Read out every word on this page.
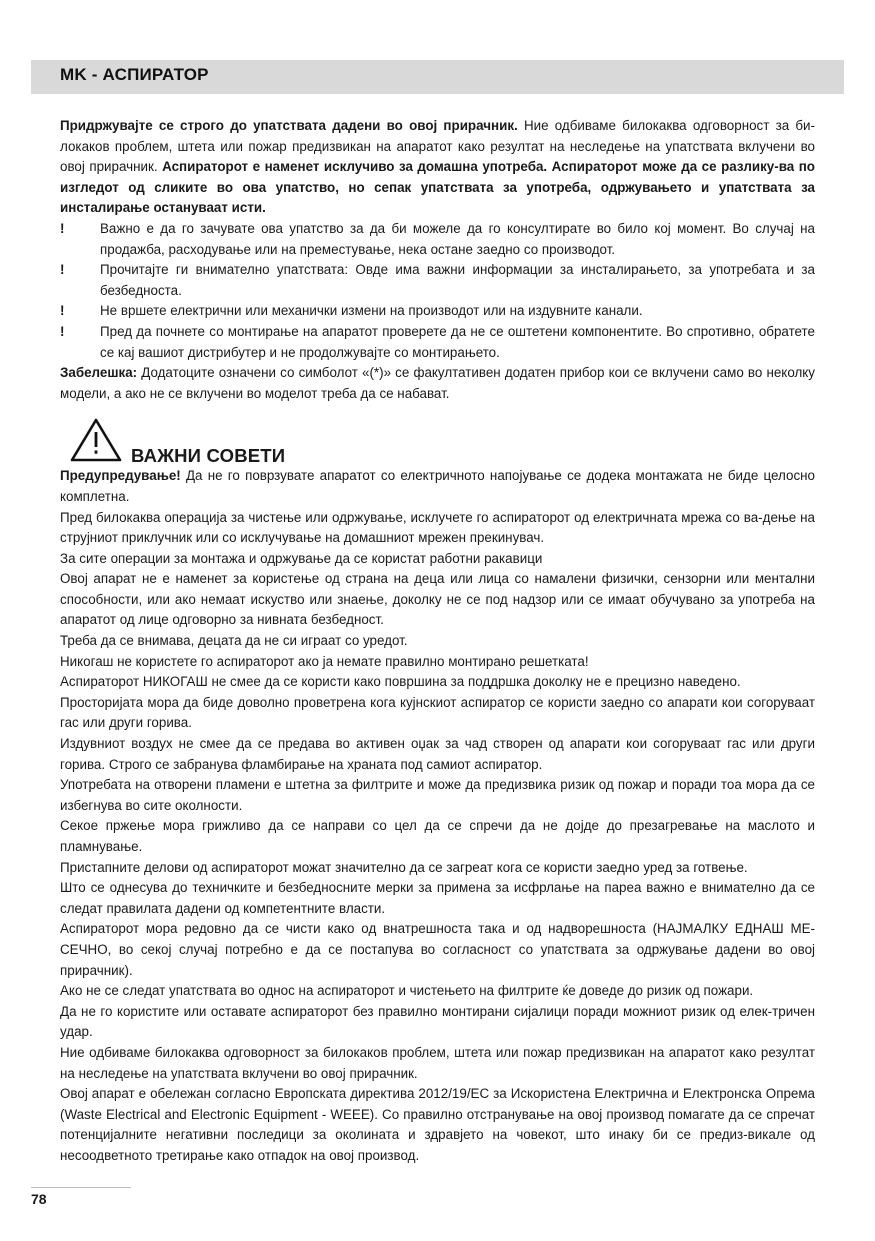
MK - АСПИРАТОР

Придржувајте се строго до упатствата дадени во овој прирачник. Ние одбиваме билокаква одговорност за би-локаков проблем, штета или пожар предизвикан на апаратот како резултат на неследење на упатствата вклучени во овој прирачник. Аспираторот е наменет исклучиво за домашна употреба. Аспираторот може да се разлику-ва по изгледот од сликите во ова упатство, но сепак упатствата за употреба, одржувањето и упатствата за инсталирање остануваат исти.

!	Важно е да го зачувате ова упатство за да би можеле да го консултирате во било кој момент. Во случај на продажба, расходување или на преместување, нека остане заедно со производот.
!	Прочитајте ги внимателно упатствата: Овде има важни информации за инсталирањето, за употребата и за безбедноста.
!	Не вршете електрични или механички измени на производот или на издувните канали.
!	Пред да почнете со монтирање на апаратот проверете да не се оштетени компонентите. Во спротивно, обратете се кај вашиот дистрибутер и не продолжувајте со монтирањето.

Забелешка: Додатоците означени со симболот «(*)» се факултативен додатен прибор кои се вклучени само во неколку модели, а ако не се вклучени во моделот треба да се набават.

ВАЖНИ СОВЕТИ

Предупредување! Да не го поврзувате апаратот со електричното напојување се додека монтажата не биде целосно комплетна.

Пред билокаква операција за чистење или одржување, исклучете го аспираторот од електричната мрежа со ва-дење на струјниот приклучник или со исклучување на домашниот мрежен прекинувач.

За сите операции за монтажа и одржување да се користат работни ракавици

Овој апарат не е наменет за користење од страна на деца или лица со намалени физички, сензорни или ментални способности, или ако немаат искуство или знаење, доколку не се под надзор или се имаат обучувано за употреба на апаратот од лице одговорно за нивната безбедност.

Треба да се внимава, децата да не си играат со уредот.

Никогаш не користете го аспираторот ако ја немате правилно монтирано решетката!

Аспираторот НИКОГАШ не смее да се користи како површина за поддршка доколку не е прецизно наведено.

Просторијата мора да биде доволно проветрена кога кујнскиот аспиратор се користи заедно со апарати кои согоруваат гас или други горива.

Издувниот воздух не смее да се предава во активен оџак за чад створен од апарати кои согоруваат гас или други горива. Строго се забранува фламбирање на храната под самиот аспиратор.

Употребата на отворени пламени е штетна за филтрите и може да предизвика ризик од пожар и поради тоа мора да се избегнува во сите околности.

Секое пржење мора грижливо да се направи со цел да се спречи да не дојде до презагревање на маслото и пламнување.

Пристапните делови од аспираторот можат значително да се загреат кога се користи заедно уред за готвење.

Што се однесува до техничките и безбедносните мерки за примена за исфрлање на пареа важно е внимателно да се следат правилата дадени од компетентните власти.

Аспираторот мора редовно да се чисти како од внатрешноста така и од надворешноста (НАЈМАЛКУ ЕДНАШ МЕ-СЕЧНО, во секој случај потребно е да се постапува во согласност со упатствата за одржување дадени во овој прирачник).

Ако не се следат упатствата во однос на аспираторот и чистењето на филтрите ќе доведе до ризик од пожари.

Да не го користите или оставате аспираторот без правилно монтирани сијалици поради можниот ризик од елек-тричен удар.

Ние одбиваме билокаква одговорност за билокаков проблем, штета или пожар предизвикан на апаратот како резултат на неследење на упатствата вклучени во овој прирачник.

Овој апарат е обележан согласно Европската директива 2012/19/EC за Искористена Електрична и Електронска Опрема (Waste Electrical and Electronic Equipment - WEEE). Со правилно отстранување на овој производ помагате да се спречат потенцијалните негативни последици за околината и здравјето на човекот, што инаку би се предиз-викале од несоодветното третирање како отпадок на овој производ.

78
